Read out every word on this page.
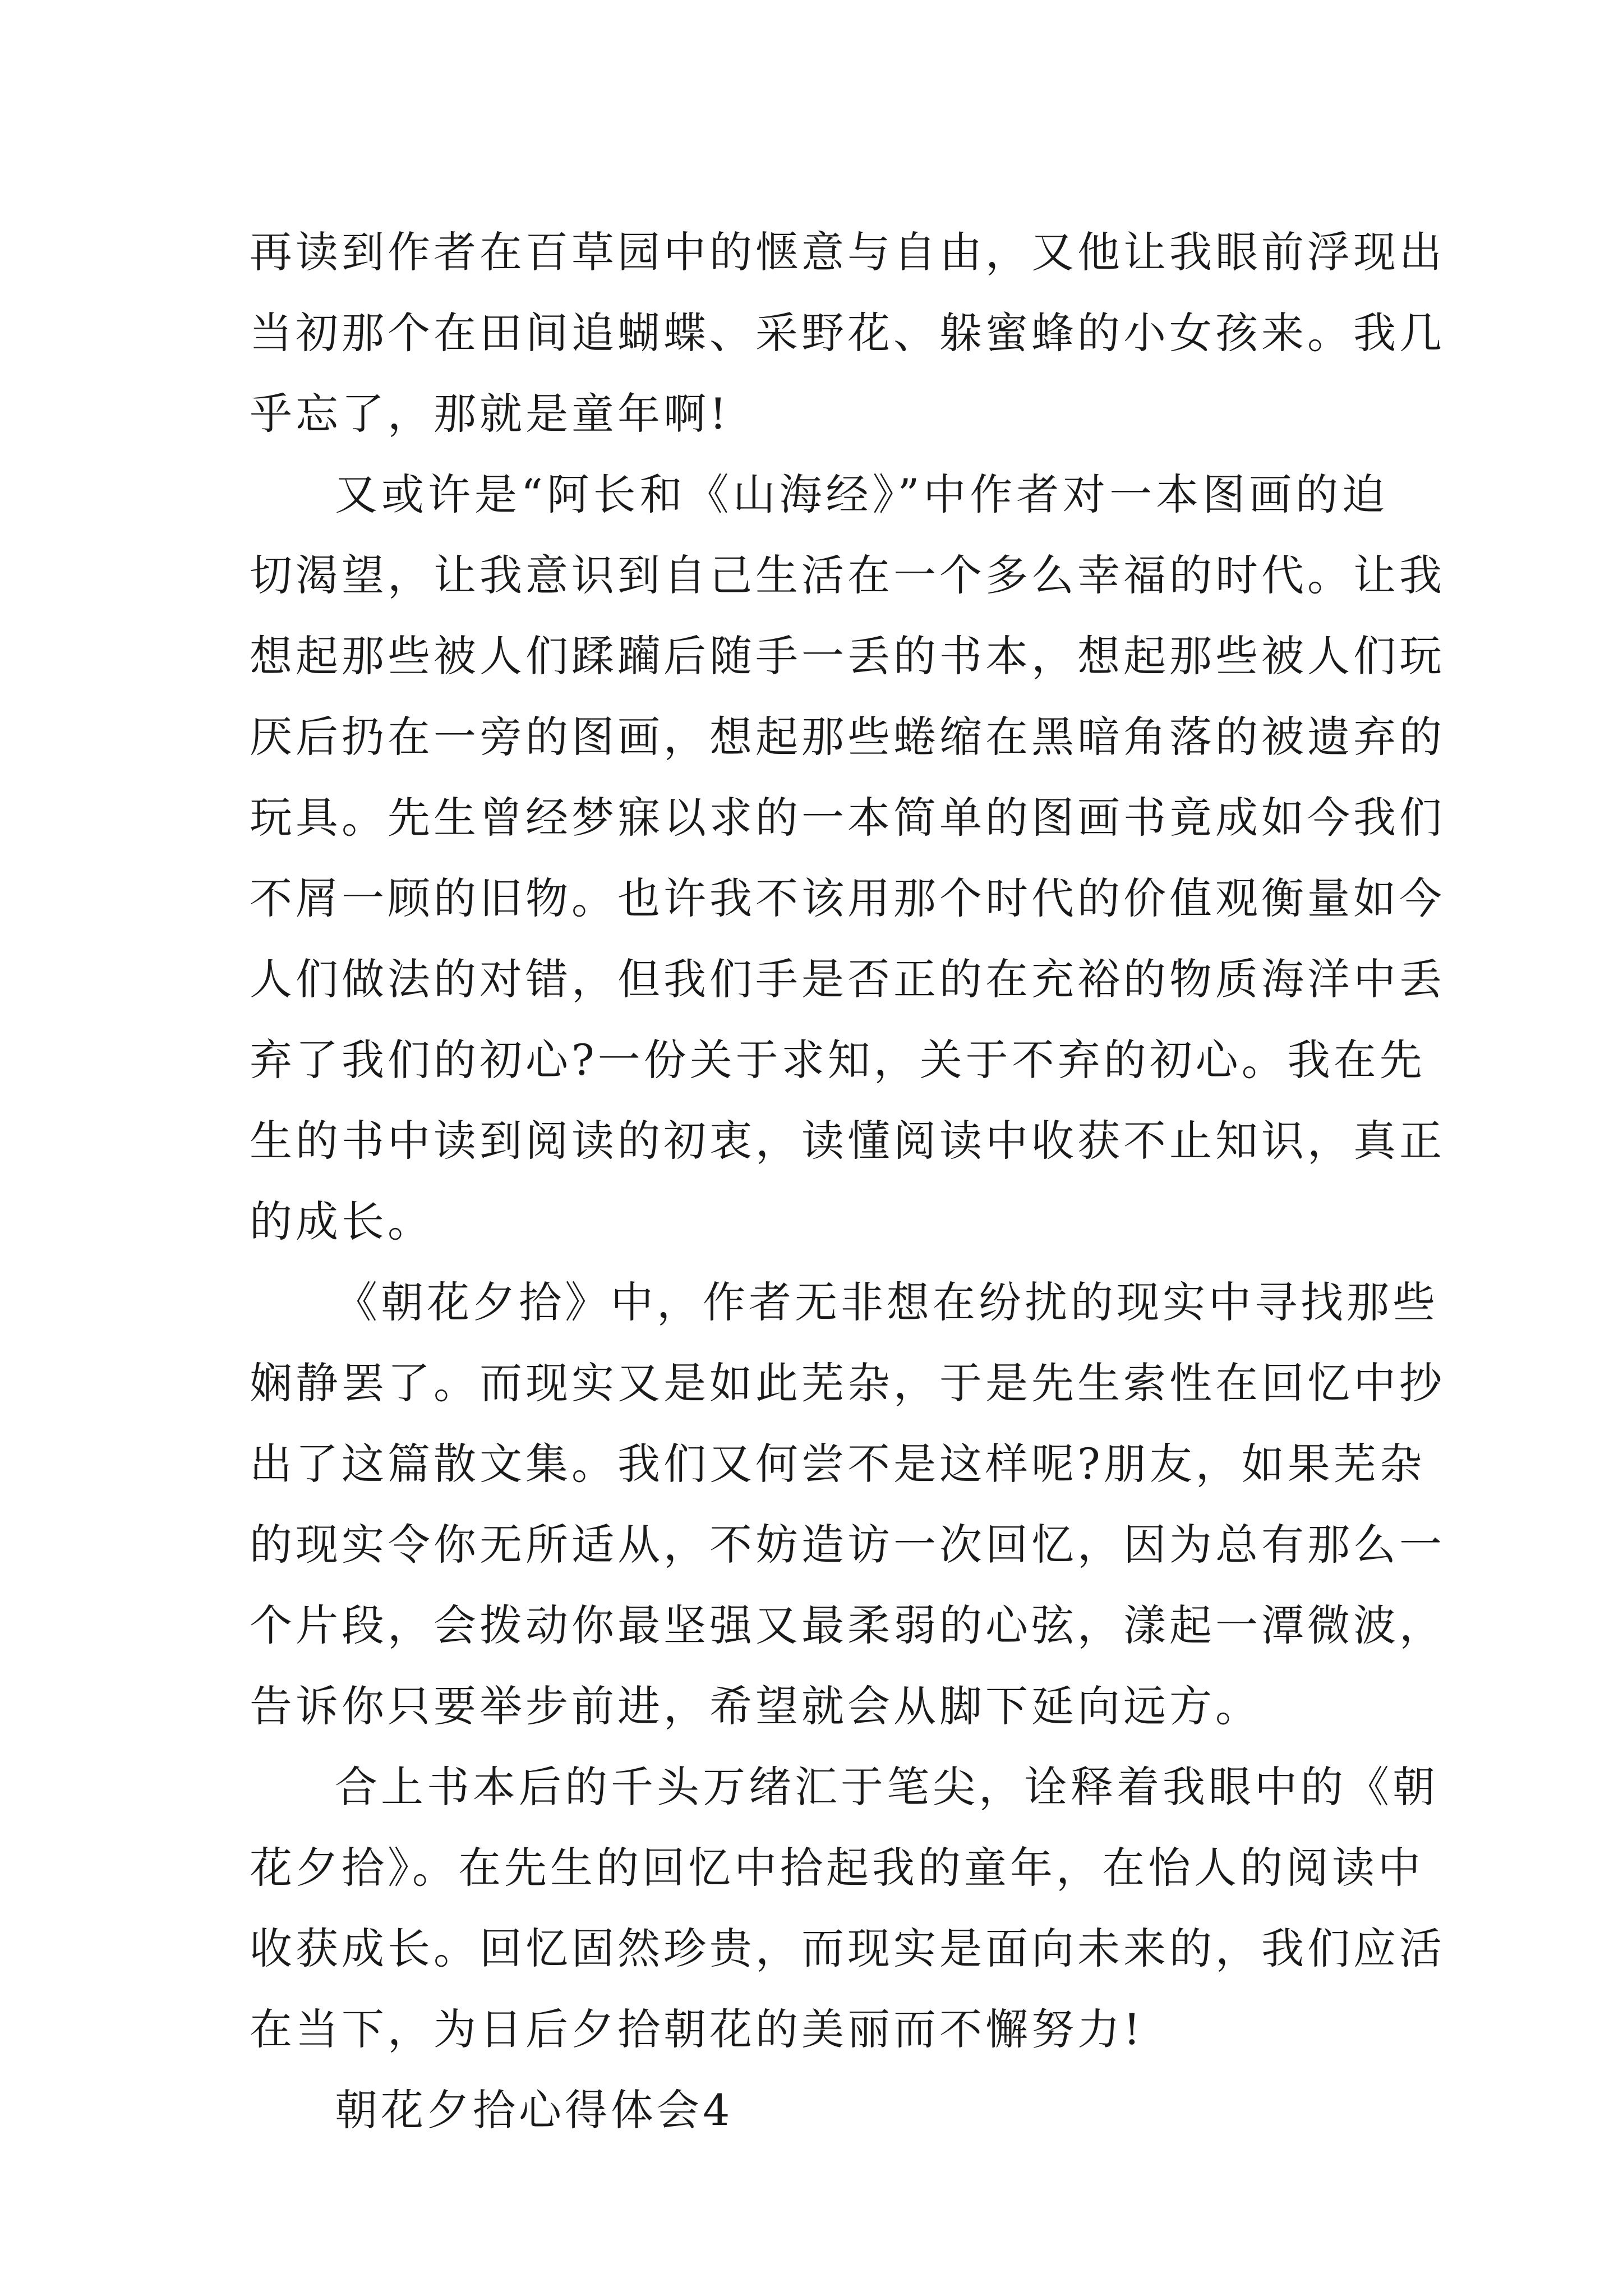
再读到作者在百草园中的惬意与自由，又他让我眼前浮现出
当初那个在田间追蝴蝶、采野花、躲蜜蜂的小女孩来。我几
乎忘了，那就是童年啊!
又或许是“阿长和《山海经》”中作者对一本图画的迫
切渴望，让我意识到自己生活在一个多么幸福的时代。让我
想起那些被人们蹂躏后随手一丢的书本，想起那些被人们玩
厌后扔在一旁的图画，想起那些蜷缩在黑暗角落的被遗弃的
玩具。先生曾经梦寐以求的一本简单的图画书竟成如今我们
不屑一顾的旧物。也许我不该用那个时代的价值观衡量如今
人们做法的对错，但我们手是否正的在充裕的物质海洋中丢
弃了我们的初心?一份关于求知，关于不弃的初心。我在先
生的书中读到阅读的初衷，读懂阅读中收获不止知识，真正
的成长。
《朝花夕拾》中，作者无非想在纷扰的现实中寻找那些
娴静罢了。而现实又是如此芜杂，于是先生索性在回忆中抄
出了这篇散文集。我们又何尝不是这样呢?朋友，如果芜杂
的现实令你无所适从，不妨造访一次回忆，因为总有那么一
个片段，会拨动你最坚强又最柔弱的心弦，漾起一潭微波，
告诉你只要举步前进，希望就会从脚下延向远方。
合上书本后的千头万绪汇于笔尖，诠释着我眼中的《朝
花夕拾》。在先生的回忆中拾起我的童年，在怡人的阅读中
收获成长。回忆固然珍贵，而现实是面向未来的，我们应活
在当下，为日后夕拾朝花的美丽而不懈努力!
朝花夕拾心得体会4
